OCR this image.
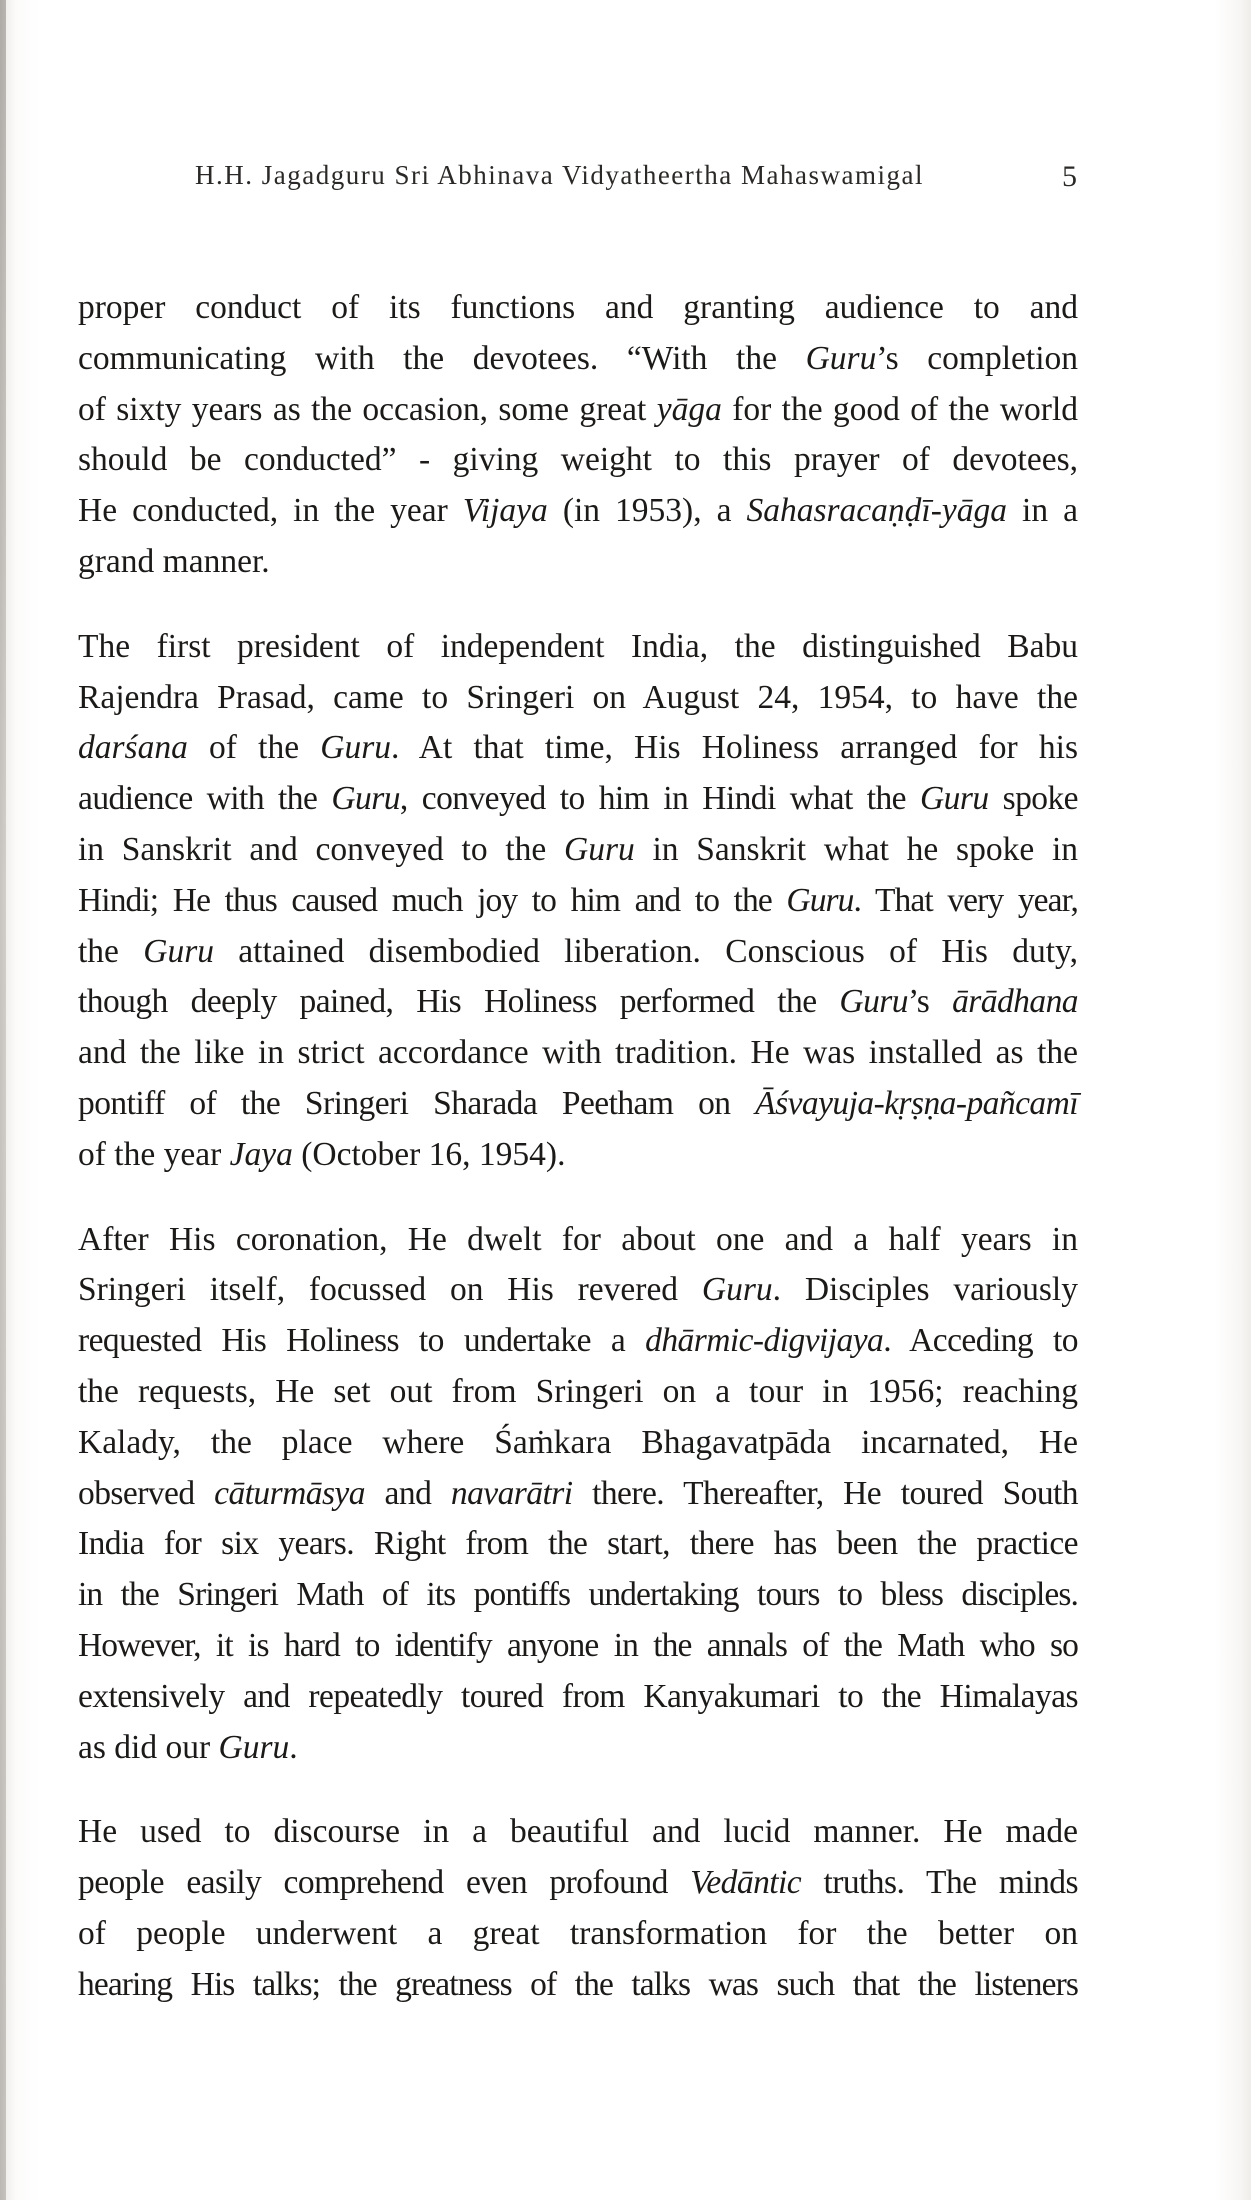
H.H. Jagadguru Sri Abhinava Vidyatheertha Mahaswamigal	5

proper conduct of its functions and granting audience to and
communicating with the devotees. “With the Guru’s completion
of sixty years as the occasion, some great yāga for the good of the world
should be conducted” - giving weight to this prayer of devotees,
He conducted, in the year Vijaya (in 1953), a Sahasracaṇḍī-yāga in a
grand manner.

The first president of independent India, the distinguished Babu
Rajendra Prasad, came to Sringeri on August 24, 1954, to have the
darśana of the Guru. At that time, His Holiness arranged for his
audience with the Guru, conveyed to him in Hindi what the Guru spoke
in Sanskrit and conveyed to the Guru in Sanskrit what he spoke in
Hindi; He thus caused much joy to him and to the Guru. That very year,
the Guru attained disembodied liberation. Conscious of His duty,
though deeply pained, His Holiness performed the Guru’s ārādhana
and the like in strict accordance with tradition. He was installed as the
pontiff of the Sringeri Sharada Peetham on Āśvayuja-kṛṣṇa-pañcamī
of the year Jaya (October 16, 1954).

After His coronation, He dwelt for about one and a half years in
Sringeri itself, focussed on His revered Guru. Disciples variously
requested His Holiness to undertake a dhārmic-digvijaya. Acceding to
the requests, He set out from Sringeri on a tour in 1956; reaching
Kalady, the place where Śaṁkara Bhagavatpāda incarnated, He
observed cāturmāsya and navarātri there. Thereafter, He toured South
India for six years. Right from the start, there has been the practice
in the Sringeri Math of its pontiffs undertaking tours to bless disciples.
However, it is hard to identify anyone in the annals of the Math who so
extensively and repeatedly toured from Kanyakumari to the Himalayas
as did our Guru.

He used to discourse in a beautiful and lucid manner. He made
people easily comprehend even profound Vedāntic truths. The minds
of people underwent a great transformation for the better on
hearing His talks; the greatness of the talks was such that the listeners
